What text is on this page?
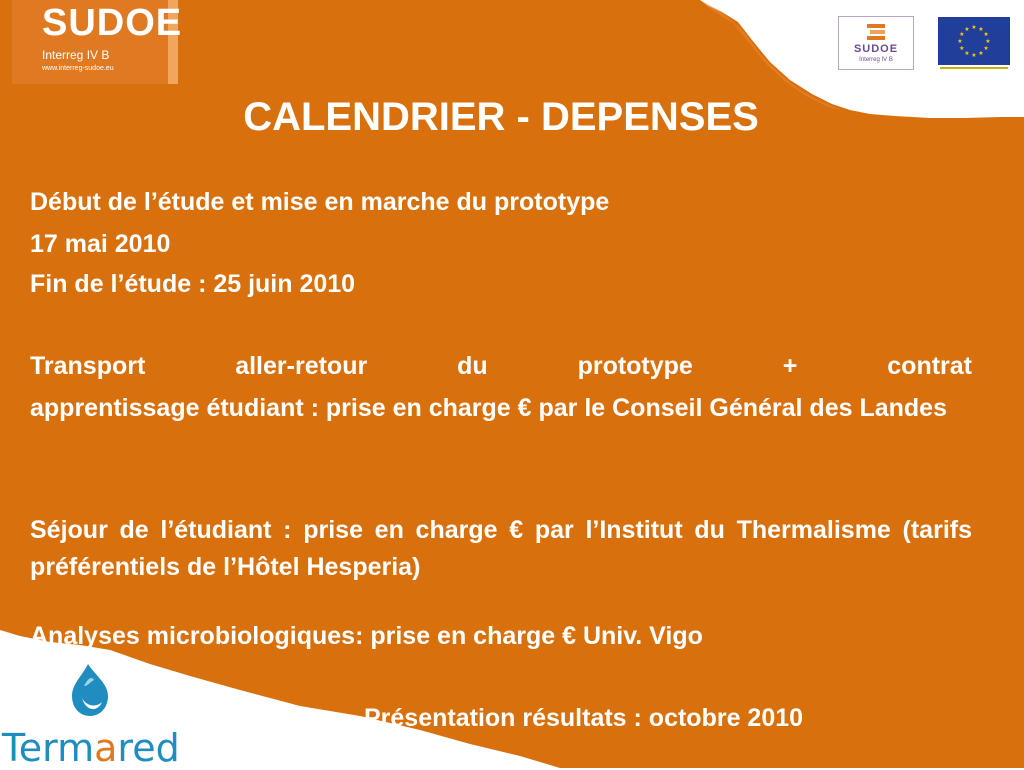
SUDOE
Interreg IV B
www.interreg-sudoe.eu
SUDOE
Interreg IV B
★
★
★
★
★
★
★
★
★ ★ ★
★
CALENDRIER - DEPENSES
Début de l’étude et mise en marche du prototype
17 mai 2010
Fin de l’étude : 25 juin 2010
Transport aller-retour du prototype + contrat
apprentissage étudiant : prise en charge € par le Conseil Général des Landes
Séjour de l’étudiant : prise en charge € par l’Institut du Thermalisme (tarifs préférentiels de l’Hôtel Hesperia)
Analyses microbiologiques: prise en charge € Univ. Vigo
Présentation résultats : octobre 2010
Termared
